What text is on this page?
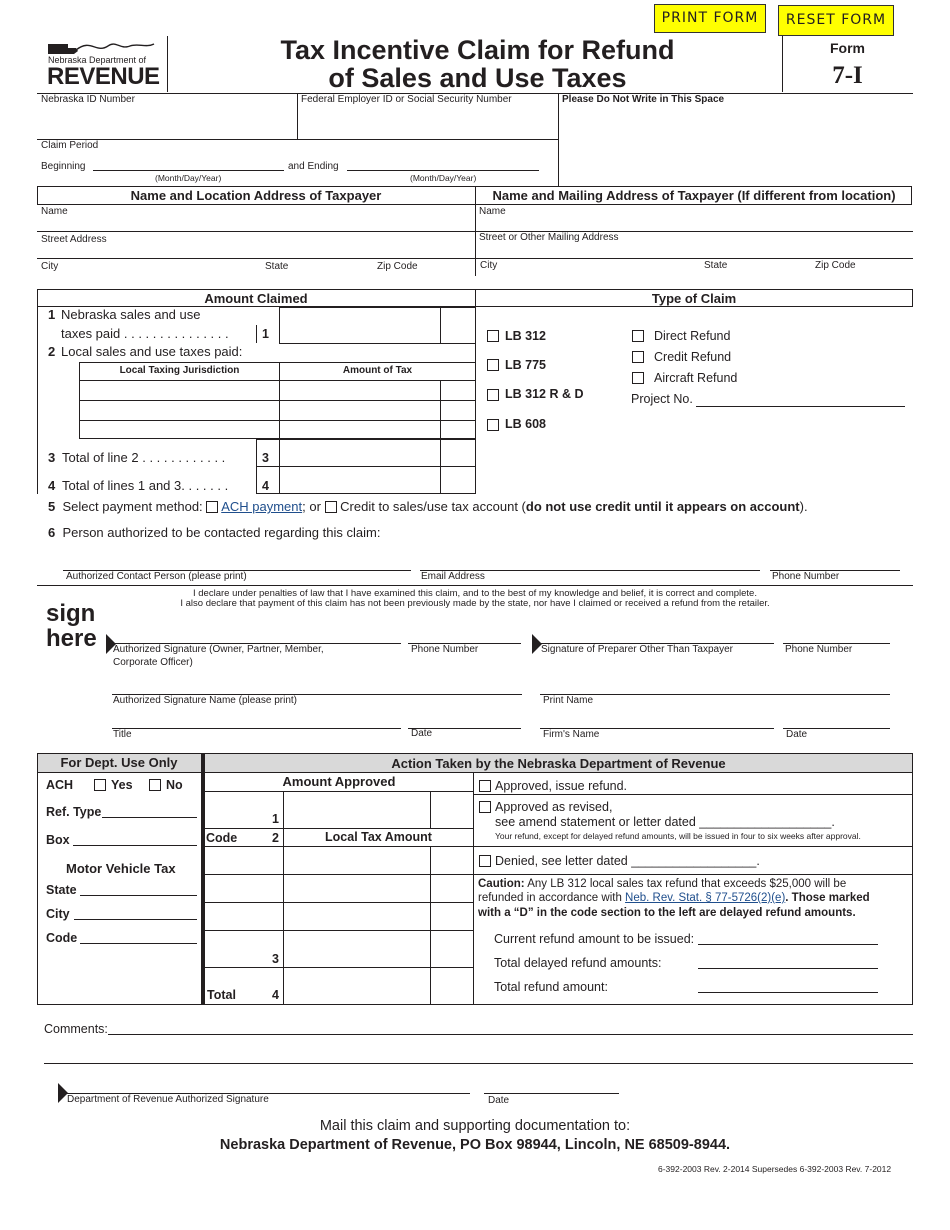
PRINT FORM	RESET FORM
Nebraska Department of
REVENUE
Tax Incentive Claim for Refund
of Sales and Use Taxes
Form
7-I
Nebraska ID Number	Federal Employer ID or Social Security Number	Please Do Not Write in This Space
Claim Period
Beginning	and Ending
(Month/Day/Year)	(Month/Day/Year)
Name and Location Address of Taxpayer	Name and Mailing Address of Taxpayer (If different from location)
Name	Name
Street Address	Street or Other Mailing Address
City	State	Zip Code	City	State	Zip Code
Amount Claimed	Type of Claim
1 Nebraska sales and use
taxes paid . . . . . . . . . . . . . . .	1
2 Local sales and use taxes paid:
Local Taxing Jurisdiction	Amount of Tax
3 Total of line 2 . . . . . . . . . . . .	3
4 Total of lines 1 and 3. . . . . . .	4
LB 312
LB 775
LB 312 R & D
LB 608
Direct Refund
Credit Refund
Aircraft Refund
Project No.
5 Select payment method: ACH payment; or Credit to sales/use tax account (do not use credit until it appears on account).
6 Person authorized to be contacted regarding this claim:
Authorized Contact Person (please print)	Email Address	Phone Number
I declare under penalties of law that I have examined this claim, and to the best of my knowledge and belief, it is correct and complete.
I also declare that payment of this claim has not been previously made by the state, nor have I claimed or received a refund from the retailer.
sign
here Authorized Signature (Owner, Partner, Member,
Corporate Officer)
Phone Number	Signature of Preparer Other Than Taxpayer	Phone Number
Authorized Signature Name (please print)	Print Name
Title	Date	Firm's Name	Date
For Dept. Use Only	Action Taken by the Nebraska Department of Revenue
ACH	Yes	No
Ref. Type
Box
Motor Vehicle Tax
State
City
Code
Amount Approved
1
Code	2	Local Tax Amount
3
Total	4
Approved, issue refund.
Approved as revised,
see amend statement or letter dated ___________________.
Your refund, except for delayed refund amounts, will be issued in four to six weeks after approval.
Denied, see letter dated __________________.
Caution: Any LB 312 local sales tax refund that exceeds $25,000 will be
refunded in accordance with Neb. Rev. Stat. § 77-5726(2)(e). Those marked
with a “D” in the code section to the left are delayed refund amounts.
Current refund amount to be issued:
Total delayed refund amounts:
Total refund amount:
Comments:
Department of Revenue Authorized Signature	Date
Mail this claim and supporting documentation to:
Nebraska Department of Revenue, PO Box 98944, Lincoln, NE 68509-8944.
6-392-2003 Rev. 2-2014 Supersedes 6-392-2003 Rev. 7-2012
